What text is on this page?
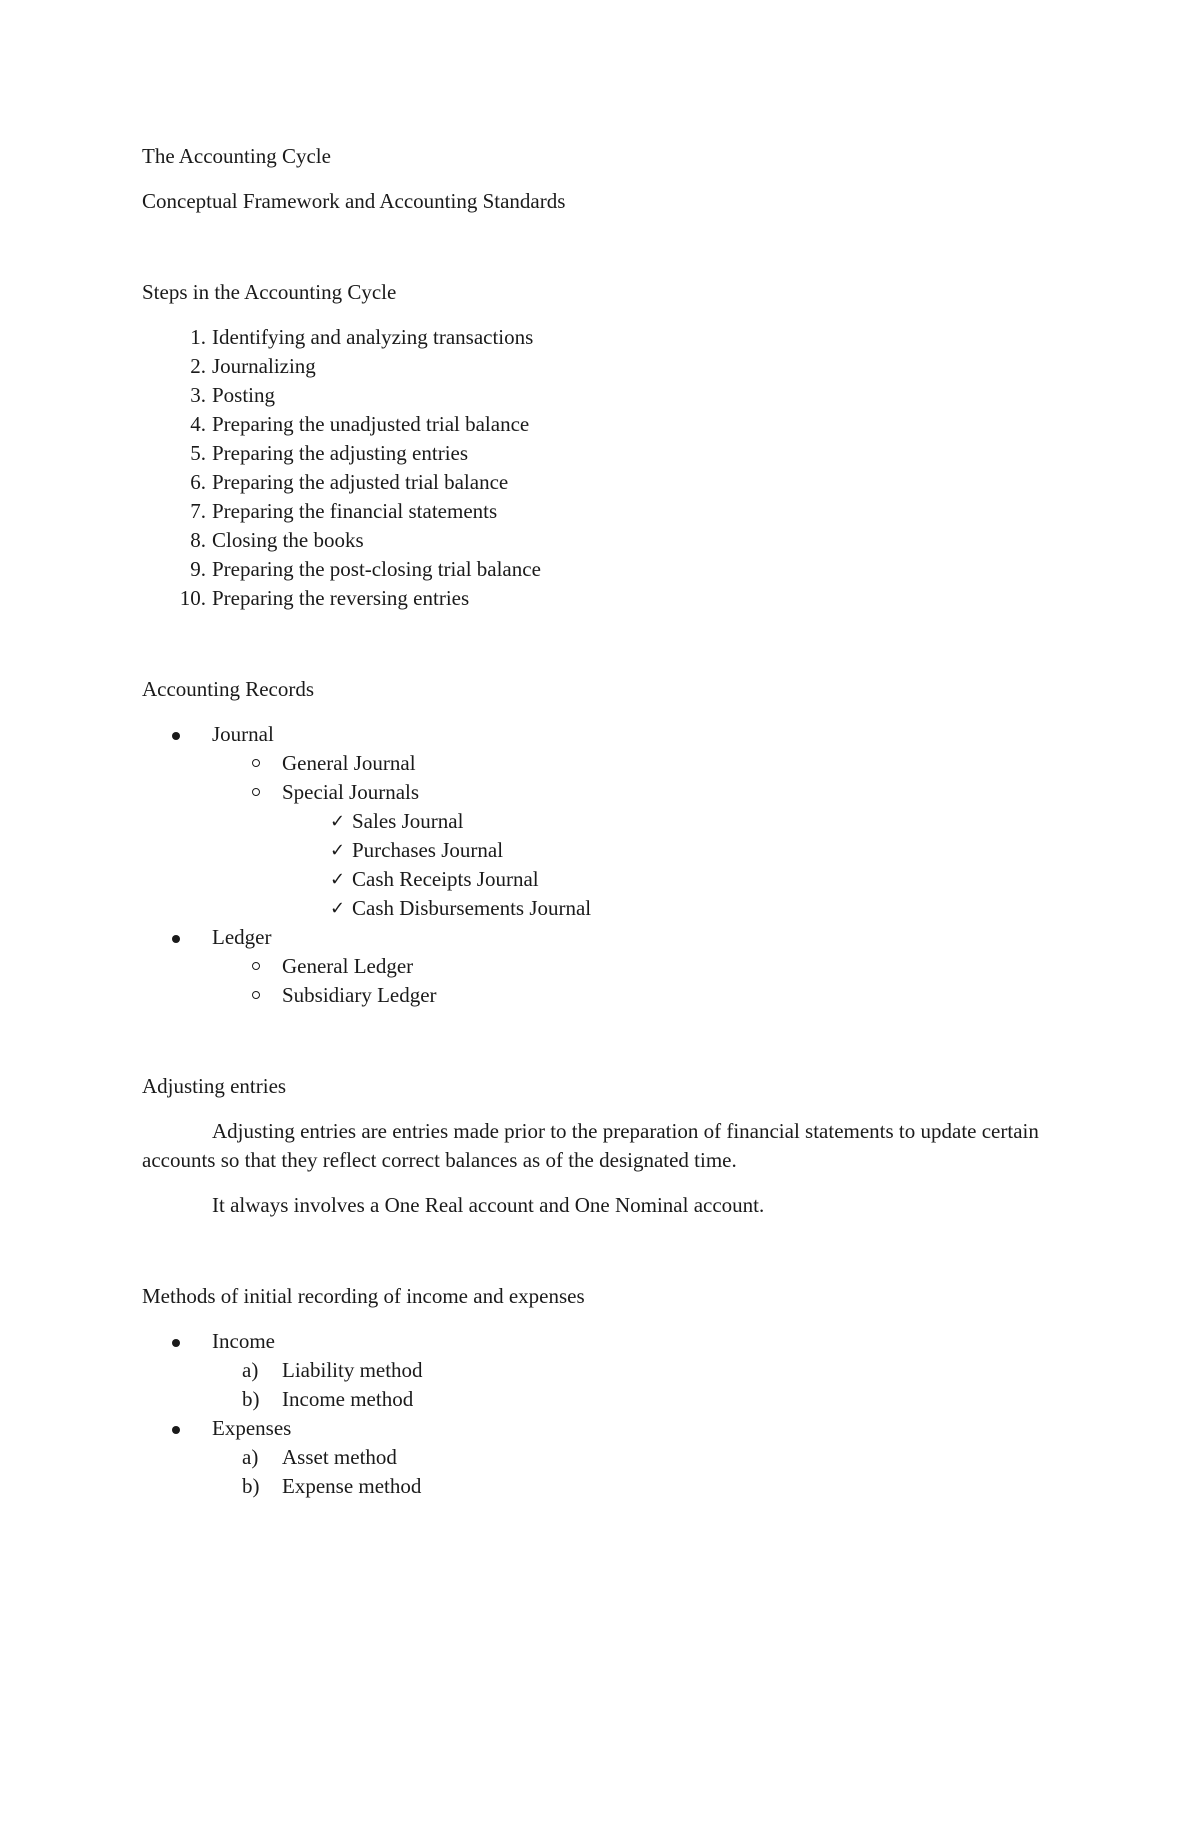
The Accounting Cycle

Conceptual Framework and Accounting Standards

Steps in the Accounting Cycle

1. Identifying and analyzing transactions
2. Journalizing
3. Posting
4. Preparing the unadjusted trial balance
5. Preparing the adjusting entries
6. Preparing the adjusted trial balance
7. Preparing the financial statements
8. Closing the books
9. Preparing the post-closing trial balance
10. Preparing the reversing entries

Accounting Records

Journal
General Journal
Special Journals
✓ Sales Journal
✓ Purchases Journal
✓ Cash Receipts Journal
✓ Cash Disbursements Journal
Ledger
General Ledger
Subsidiary Ledger

Adjusting entries

Adjusting entries are entries made prior to the preparation of financial statements to update certain accounts so that they reflect correct balances as of the designated time.

It always involves a One Real account and One Nominal account.

Methods of initial recording of income and expenses

Income
a) Liability method
b) Income method
Expenses
a) Asset method
b) Expense method
